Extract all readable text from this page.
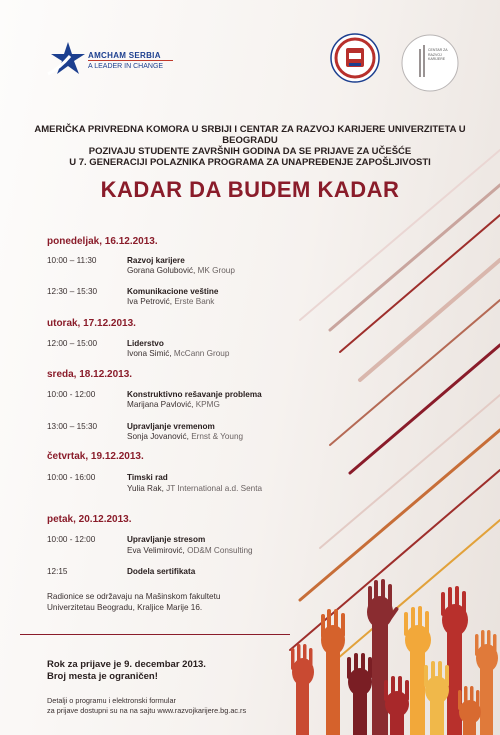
AMCHAM SERBIA
A LEADER IN CHANGE
CENTAR ZA RAZVOJ KARIJERE
AMERIČKA PRIVREDNA KOMORA U SRBIJI I CENTAR ZA RAZVOJ KARIJERE UNIVERZITETA U BEOGRADU
POZIVAJU STUDENTE ZAVRŠNIH GODINA DA SE PRIJAVE ZA UČEŠĆE
U 7. GENERACIJI POLAZNIKA PROGRAMA ZA UNAPREĐENJE ZAPOŠLJIVOSTI
KADAR DA BUDEM KADAR
ponedeljak, 16.12.2013.
10:00 – 11:30	Razvoj karijere
Gorana Golubović, MK Group
12:30 – 15:30	Komunikacione veštine
Iva Petrović, Erste Bank
utorak, 17.12.2013.
12:00 – 15:00	Liderstvo
Ivona Simić, McCann Group
sreda, 18.12.2013.
10:00 - 12:00	Konstruktivno rešavanje problema
Marijana Pavlović, KPMG
13:00 – 15:30	Upravljanje vremenom
Sonja Jovanović, Ernst & Young
četvrtak, 19.12.2013.
10:00 - 16:00	Timski rad
Yulia Rak, JT International a.d. Senta
petak, 20.12.2013.
10:00 - 12:00	Upravljanje stresom
Eva Velimirović, OD&M Consulting
12:15	Dodela sertifikata
Radionice se održavaju na Mašinskom fakultetu
Univerzitetau Beogradu, Kraljice Marije 16.
Rok za prijave je 9. decembar 2013.
Broj mesta je ograničen!
Detalji o programu i elektronski formular
za prijave dostupni su na na sajtu www.razvojkarijere.bg.ac.rs
